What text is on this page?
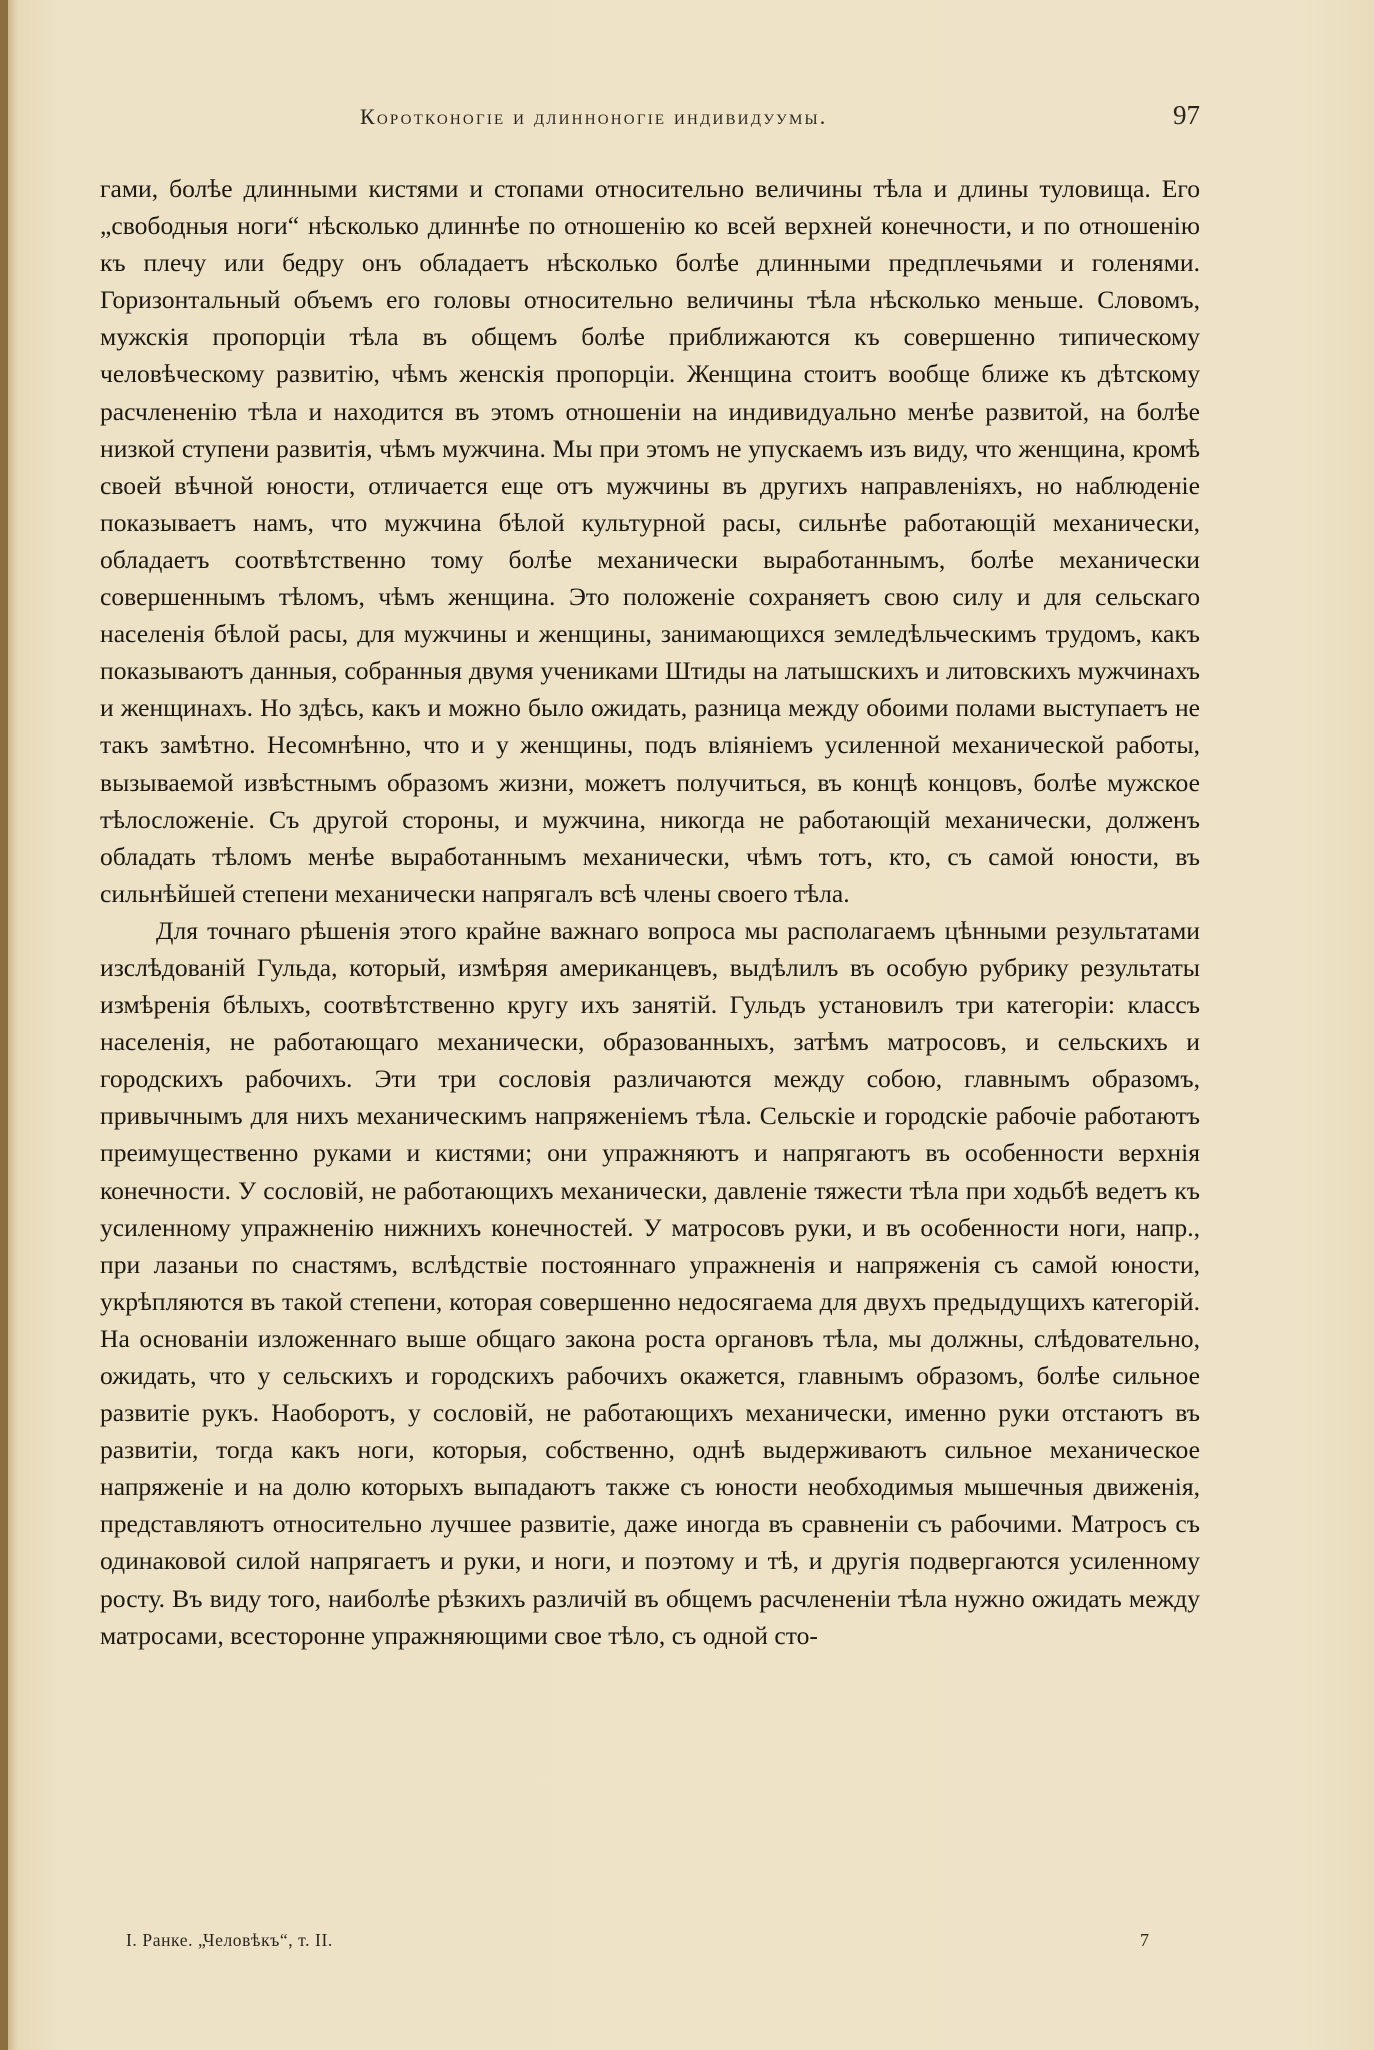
Коротконогіе и длинноногіе индивидуумы.	97

гами, болѣе длинными кистями и стопами относительно величины тѣла и длины туловища. Его „свободныя ноги“ нѣсколько длиннѣе по отношенію ко всей верхней конечности, и по отношенію къ плечу или бедру онъ обладаетъ нѣсколько болѣе длинными предплечьями и голенями. Горизонтальный объемъ его головы относительно величины тѣла нѣсколько меньше. Словомъ, мужскія пропорціи тѣла въ общемъ болѣе приближаются къ совершенно типическому человѣческому развитію, чѣмъ женскія пропорціи. Женщина стоитъ вообще ближе къ дѣтскому расчлененію тѣла и находится въ этомъ отношеніи на индивидуально менѣе развитой, на болѣе низкой ступени развитія, чѣмъ мужчина. Мы при этомъ не упускаемъ изъ виду, что женщина, кромѣ своей вѣчной юности, отличается еще отъ мужчины въ другихъ направленіяхъ, но наблюденіе показываетъ намъ, что мужчина бѣлой культурной расы, сильнѣе работающій механически, обладаетъ соотвѣтственно тому болѣе механически выработаннымъ, болѣе механически совершеннымъ тѣломъ, чѣмъ женщина. Это положеніе сохраняетъ свою силу и для сельскаго населенія бѣлой расы, для мужчины и женщины, занимающихся земледѣльческимъ трудомъ, какъ показываютъ данныя, собранныя двумя учениками Штиды на латышскихъ и литовскихъ мужчинахъ и женщинахъ. Но здѣсь, какъ и можно было ожидать, разница между обоими полами выступаетъ не такъ замѣтно. Несомнѣнно, что и у женщины, подъ вліяніемъ усиленной механической работы, вызываемой извѣстнымъ образомъ жизни, можетъ получиться, въ концѣ концовъ, болѣе мужское тѣлосложеніе. Съ другой стороны, и мужчина, никогда не работающій механически, долженъ обладать тѣломъ менѣе выработаннымъ механически, чѣмъ тотъ, кто, съ самой юности, въ сильнѣйшей степени механически напрягалъ всѣ члены своего тѣла.

Для точнаго рѣшенія этого крайне важнаго вопроса мы располагаемъ цѣнными результатами изслѣдованій Гульда, который, измѣряя американцевъ, выдѣлилъ въ особую рубрику результаты измѣренія бѣлыхъ, соотвѣтственно кругу ихъ занятій. Гульдъ установилъ три категоріи: классъ населенія, не работающаго механически, образованныхъ, затѣмъ матросовъ, и сельскихъ и городскихъ рабочихъ. Эти три сословія различаются между собою, главнымъ образомъ, привычнымъ для нихъ механическимъ напряженіемъ тѣла. Сельскіе и городскіе рабочіе работаютъ преимущественно руками и кистями; они упражняютъ и напрягаютъ въ особенности верхнія конечности. У сословій, не работающихъ механически, давленіе тяжести тѣла при ходьбѣ ведетъ къ усиленному упражненію нижнихъ конечностей. У матросовъ руки, и въ особенности ноги, напр., при лазаньи по снастямъ, вслѣдствіе постояннаго упражненія и напряженія съ самой юности, укрѣпляются въ такой степени, которая совершенно недосягаема для двухъ предыдущихъ категорій. На основаніи изложеннаго выше общаго закона роста органовъ тѣла, мы должны, слѣдовательно, ожидать, что у сельскихъ и городскихъ рабочихъ окажется, главнымъ образомъ, болѣе сильное развитіе рукъ. Наоборотъ, у сословій, не работающихъ механически, именно руки отстаютъ въ развитіи, тогда какъ ноги, которыя, собственно, однѣ выдерживаютъ сильное механическое напряженіе и на долю которыхъ выпадаютъ также съ юности необходимыя мышечныя движенія, представляютъ относительно лучшее развитіе, даже иногда въ сравненіи съ рабочими. Матросъ съ одинаковой силой напрягаетъ и руки, и ноги, и поэтому и тѣ, и другія подвергаются усиленному росту. Въ виду того, наиболѣе рѣзкихъ различій въ общемъ расчлененіи тѣла нужно ожидать между матросами, всесторонне упражняющими свое тѣло, съ одной сто-

I. Ранке. „Человѣкъ“, т. II.	7
